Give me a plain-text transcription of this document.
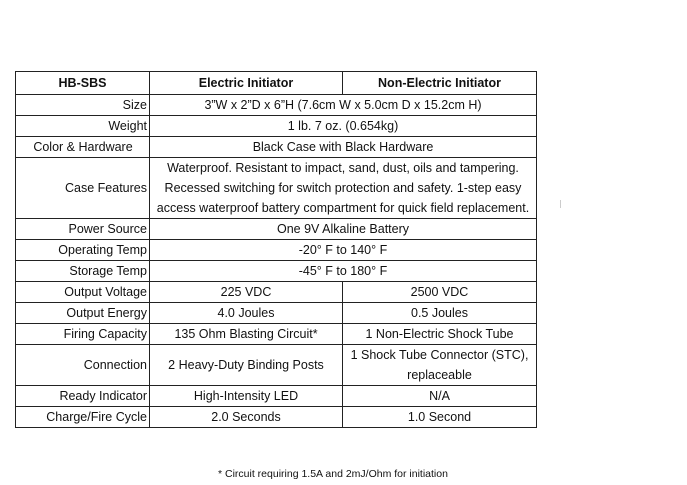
HB-SBS	Electric Initiator	Non-Electric Initiator
Size	3”W x 2”D x 6”H (7.6cm W x 5.0cm D x 15.2cm H)	
Weight	1 lb. 7 oz. (0.654kg)	
Color & Hardware	Black Case with Black Hardware	
Case Features	Waterproof. Resistant to impact, sand, dust, oils and tampering. Recessed switching for switch protection and safety. 1-step easy access waterproof battery compartment for quick field replacement.	
Power Source	One 9V Alkaline Battery	
Operating Temp	-20° F to 140° F	
Storage Temp	-45° F to 180° F	
Output Voltage	225 VDC	2500 VDC
Output Energy	4.0 Joules	0.5 Joules
Firing Capacity	135 Ohm Blasting Circuit*	1 Non-Electric Shock Tube
Connection	2 Heavy-Duty Binding Posts	1 Shock Tube Connector (STC), replaceable
Ready Indicator	High-Intensity LED	N/A
Charge/Fire Cycle	2.0 Seconds	1.0 Second
* Circuit requiring 1.5A and 2mJ/Ohm for initiation
